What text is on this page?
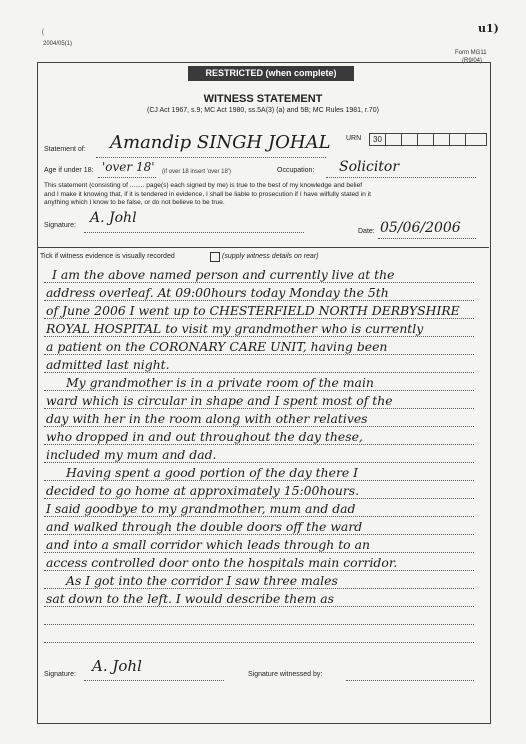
2004/05(1)
u1)
Form MG11
(R9/04)
RESTRICTED (when complete)
WITNESS STATEMENT
(CJ Act 1967, s.9; MC Act 1980, ss.5A(3) (a) and 5B; MC Rules 1981, r.70)
Statement of: Amandip SINGH JOHAL URN	30
Age if under 18: 'over 18' (if over 18 insert 'over 18')	Occupation: Solicitor
This statement (consisting of ........ page(s) each signed by me) is true to the best of my knowledge and belief
and I make it knowing that, if it is tendered in evidence, I shall be liable to prosecution if I have wilfully stated in it
anything which I know to be false, or do not believe to be true.
Signature: A. Johl
Date: 05/06/2006
Tick if witness evidence is visually recorded	(supply witness details on rear)
I am the above named person and currently live at the
address overleaf. At 09:00hours today Monday the 5th
of June 2006 I went up to CHESTERFIELD NORTH DERBYSHIRE
ROYAL HOSPITAL to visit my grandmother who is currently
a patient on the CORONARY CARE UNIT, having been
admitted last night.
My grandmother is in a private room of the main
ward which is circular in shape and I spent most of the
day with her in the room along with other relatives
who dropped in and out throughout the day these,
included my mum and dad.
Having spent a good portion of the day there I
decided to go home at approximately 15:00hours.
I said goodbye to my grandmother, mum and dad
and walked through the double doors off the ward
and into a small corridor which leads through to an
access controlled door onto the hospitals main corridor.
As I got into the corridor I saw three males
sat down to the left. I would describe them as
Signature: A. Johl	Signature witnessed by:
